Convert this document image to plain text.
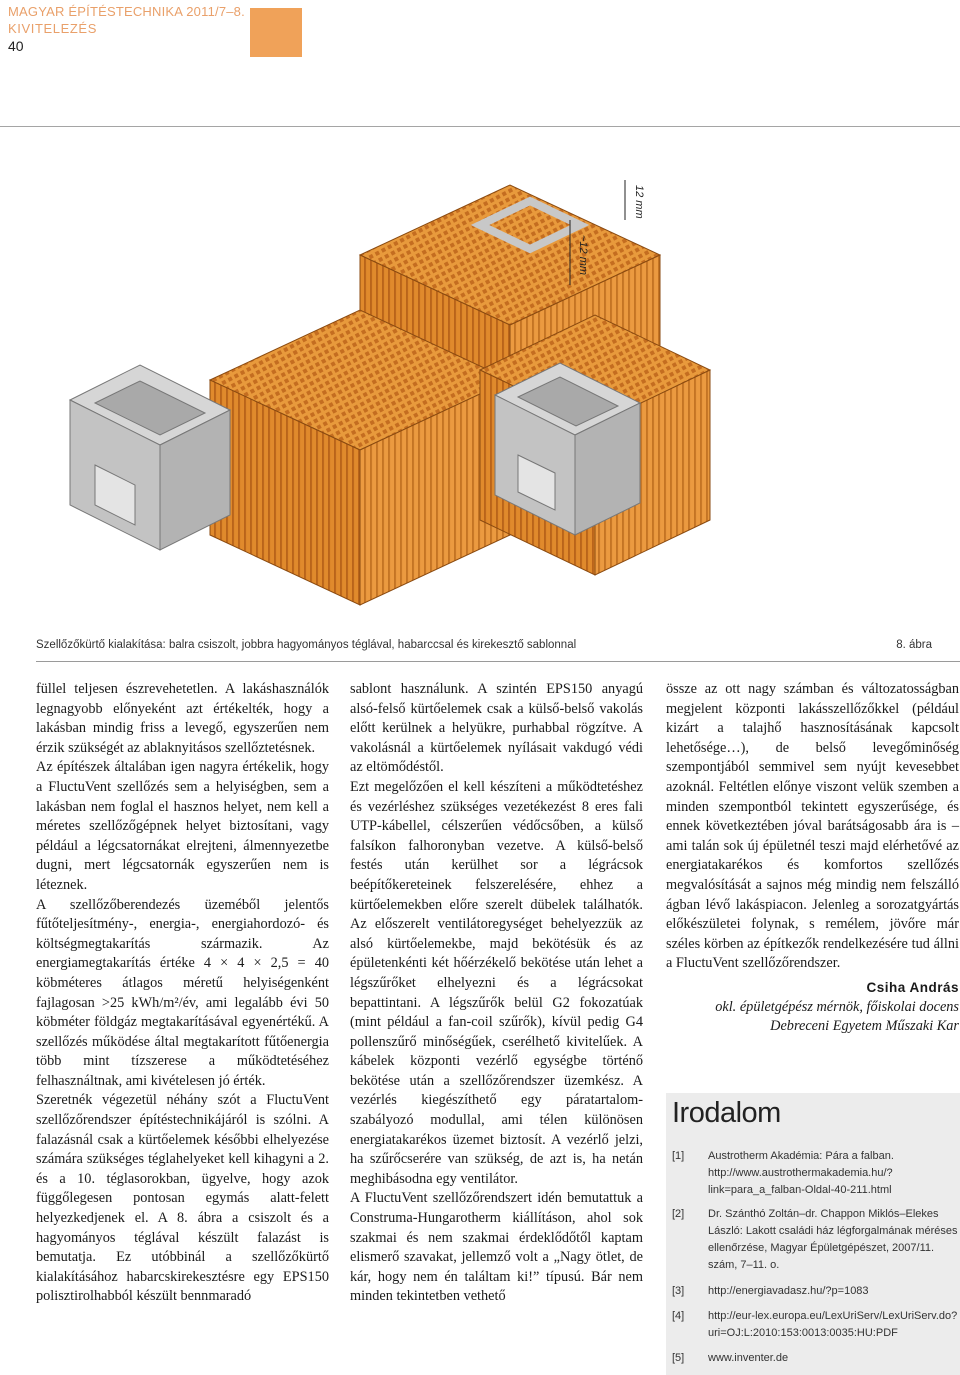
MAGYAR ÉPÍTÉSTECHNIKA 2011/7–8.
KIVITELEZÉS
40
12 mm
~12 mm
Szellőzőkürtő kialakítása: balra csiszolt, jobbra hagyományos téglával, habarccsal és kirekesztő sablonnal	8. ábra

füllel teljesen észrevehetetlen. A lakáshasználók legnagyobb előnyeként azt értékelték, hogy a lakásban mindig friss a levegő, egyszerűen nem érzik szükségét az ablaknyitásos szellőztetésnek.

Az építészek általában igen nagyra értékelik, hogy a FluctuVent szellőzés sem a helyiségben, sem a lakásban nem foglal el hasznos helyet, nem kell a méretes szellőzőgépnek helyet biztosítani, vagy például a légcsatornákat elrejteni, álmennyezetbe dugni, mert légcsatornák egyszerűen nem is léteznek.

A szellőzőberendezés üzeméből jelentős fűtőteljesítmény-, energia-, energiahordozó- és költségmegtakarítás származik. Az energiamegtakarítás értéke 4 × 4 × 2,5 = 40 köbméteres átlagos méretű helyiségenként fajlagosan >25 kWh/m²/év, ami legalább évi 50 köbméter földgáz megtakarításával egyenértékű. A szellőzés működése által megtakarított fűtőenergia több mint tízszerese a működtetéséhez felhasználtnak, ami kivételesen jó érték.

Szeretnék végezetül néhány szót a FluctuVent szellőzőrendszer építéstechnikájáról is szólni. A falazásnál csak a kürtőelemek későbbi elhelyezése számára szükséges téglahelyeket kell kihagyni a 2. és a 10. téglasorokban, ügyelve, hogy azok függőlegesen pontosan egymás alatt-felett helyezkedjenek el. A 8. ábra a csiszolt és a hagyományos téglával készült falazást is bemutatja. Ez utóbbinál a szellőzőkürtő kialakításához habarcskirekesztésre egy EPS150 polisztirolhabból készült bennmaradó

sablont használunk. A szintén EPS150 anyagú alsó-felső kürtőelemek csak a külső-belső vakolás előtt kerülnek a helyükre, purhabbal rögzítve. A vakolásnál a kürtőelemek nyílásait vakdugó védi az eltömődéstől.

Ezt megelőzően el kell készíteni a működtetéshez és vezérléshez szükséges vezetékezést 8 eres fali UTP-kábellel, célszerűen védőcsőben, a külső falsíkon falhoronyban vezetve. A külső-belső festés után kerülhet sor a légrácsok beépítőkereteinek felszerelésére, ehhez a kürtőelemekben előre szerelt dübelek találhatók. Az előszerelt ventilátoregységet behelyezzük az alsó kürtőelemekbe, majd bekötésük és az épületenkénti két hőérzékelő bekötése után lehet a légszűrőket elhelyezni és a légrácsokat bepattintani. A légszűrők belül G2 fokozatúak (mint például a fan-coil szűrők), kívül pedig G4 pollenszűrő minőségűek, cserélhető kivitelűek. A kábelek központi vezérlő egységbe történő bekötése után a szellőzőrendszer üzemkész. A vezérlés kiegészíthető egy páratartalom-szabályozó modullal, ami télen különösen energiatakarékos üzemet biztosít. A vezérlő jelzi, ha szűrőcserére van szükség, de azt is, ha netán meghibásodna egy ventilátor.

A FluctuVent szellőzőrendszert idén bemutattuk a Construma-Hungarotherm kiállításon, ahol sok szakmai és nem szakmai érdeklődőtől kaptam elismerő szavakat, jellemző volt a „Nagy ötlet, de kár, hogy nem én találtam ki!” típusú. Bár nem minden tekintetben vethető

össze az ott nagy számban és változatosságban megjelent központi lakásszellőzőkkel (például kizárt a talajhő hasznosításának kapcsolt lehetősége…), de belső levegőminőség szempontjából semmivel sem nyújt kevesebbet azoknál. Feltétlen előnye viszont velük szemben a minden szempontból tekintett egyszerűsége, és ennek következtében jóval barátságosabb ára is – ami talán sok új épületnél teszi majd elérhetővé az energiatakarékos és komfortos szellőzés megvalósítását a sajnos még mindig nem felszálló ágban lévő lakáspiacon. Jelenleg a sorozatgyártás előkészületei folynak, s remélem, jövőre már széles körben az építkezők rendelkezésére tud állni a FluctuVent szellőzőrendszer.

Csiha András
okl. épületgépész mérnök, főiskolai docens
Debreceni Egyetem Műszaki Kar
Irodalom
[1] Austrotherm Akadémia: Pára a falban. http://www.austrothermakademia.hu/?link=para_a_falban-Oldal-40-211.html
[2] Dr. Szánthó Zoltán–dr. Chappon Miklós–Elekes László: Lakott családi ház légforgalmának méréses ellenőrzése, Magyar Épületgépészet, 2007/11. szám, 7–11. o.
[3] http://energiavadasz.hu/?p=1083
[4] http://eur-lex.europa.eu/LexUriServ/LexUriServ.do?uri=OJ:L:2010:153:0013:0035:HU:PDF
[5] www.inventer.de
